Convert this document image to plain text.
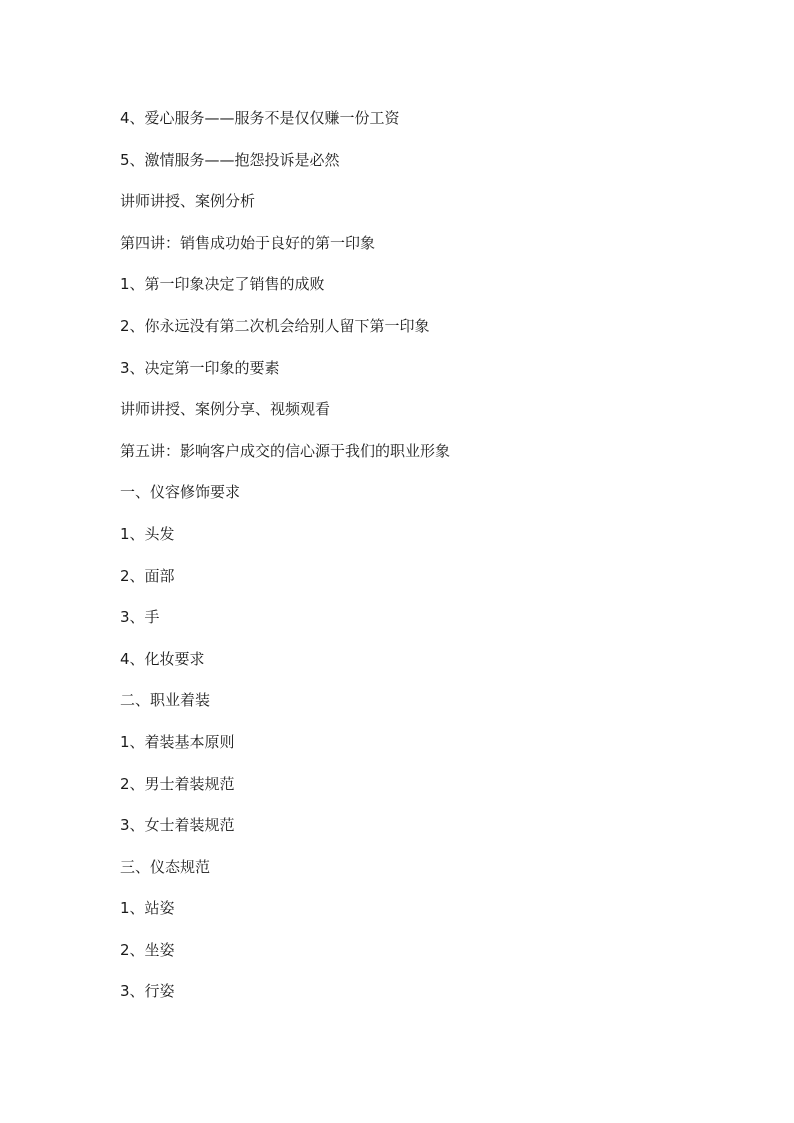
4、爱心服务——服务不是仅仅赚一份工资
5、激情服务——抱怨投诉是必然
讲师讲授、案例分析
第四讲：销售成功始于良好的第一印象
1、第一印象决定了销售的成败
2、你永远没有第二次机会给别人留下第一印象
3、决定第一印象的要素
讲师讲授、案例分享、视频观看
第五讲：影响客户成交的信心源于我们的职业形象
一、仪容修饰要求
1、头发
2、面部
3、手
4、化妆要求
二、职业着装
1、着装基本原则
2、男士着装规范
3、女士着装规范
三、仪态规范
1、站姿
2、坐姿
3、行姿
